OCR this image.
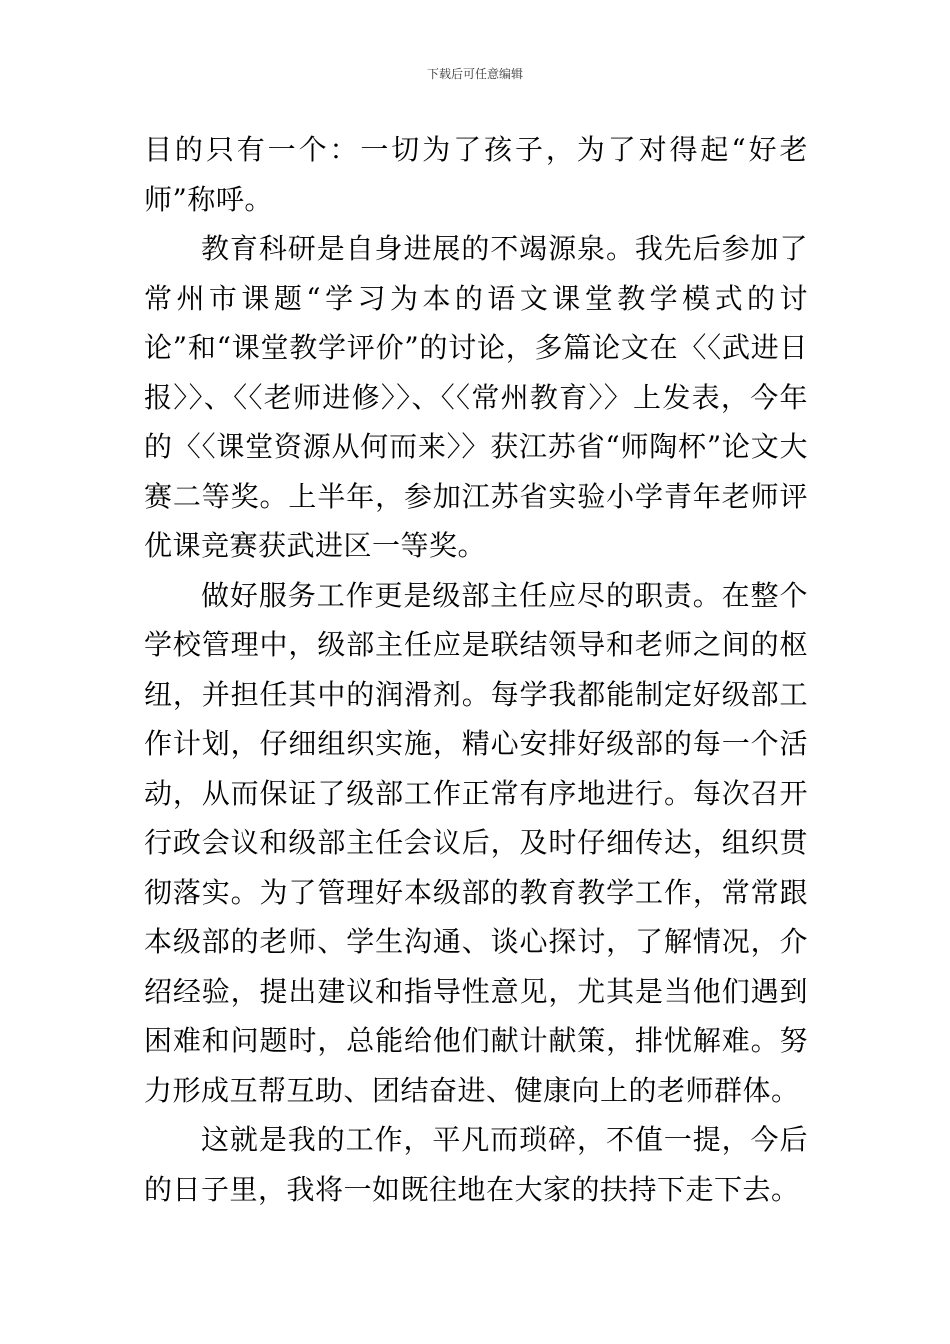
下载后可任意编辑

目的只有一个：一切为了孩子，为了对得起“好老师”称呼。

教育科研是自身进展的不竭源泉。我先后参加了常州市课题“学习为本的语文课堂教学模式的讨论”和“课堂教学评价”的讨论，多篇论文在〈〈武进日报〉〉、〈〈老师进修〉〉、〈〈常州教育〉〉上发表，今年的〈〈课堂资源从何而来〉〉获江苏省“师陶杯”论文大赛二等奖。上半年，参加江苏省实验小学青年老师评优课竞赛获武进区一等奖。

做好服务工作更是级部主任应尽的职责。在整个学校管理中，级部主任应是联结领导和老师之间的枢纽，并担任其中的润滑剂。每学我都能制定好级部工作计划，仔细组织实施，精心安排好级部的每一个活动，从而保证了级部工作正常有序地进行。每次召开行政会议和级部主任会议后，及时仔细传达，组织贯彻落实。为了管理好本级部的教育教学工作，常常跟本级部的老师、学生沟通、谈心探讨，了解情况，介绍经验，提出建议和指导性意见，尤其是当他们遇到困难和问题时，总能给他们献计献策，排忧解难。努力形成互帮互助、团结奋进、健康向上的老师群体。

这就是我的工作，平凡而琐碎，不值一提，今后的日子里，我将一如既往地在大家的扶持下走下去。
